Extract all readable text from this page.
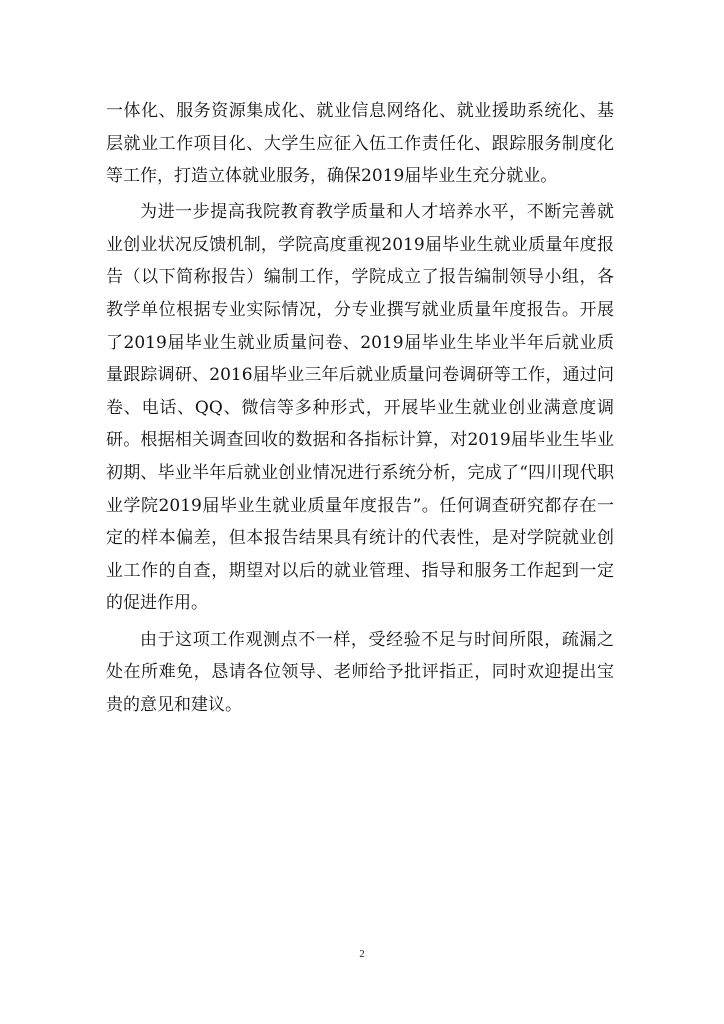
一体化、服务资源集成化、就业信息网络化、就业援助系统化、基层就业工作项目化、大学生应征入伍工作责任化、跟踪服务制度化等工作，打造立体就业服务，确保2019届毕业生充分就业。

为进一步提高我院教育教学质量和人才培养水平，不断完善就业创业状况反馈机制，学院高度重视2019届毕业生就业质量年度报告（以下简称报告）编制工作，学院成立了报告编制领导小组，各教学单位根据专业实际情况，分专业撰写就业质量年度报告。开展了2019届毕业生就业质量问卷、2019届毕业生毕业半年后就业质量跟踪调研、2016届毕业三年后就业质量问卷调研等工作，通过问卷、电话、QQ、微信等多种形式，开展毕业生就业创业满意度调研。根据相关调查回收的数据和各指标计算，对2019届毕业生毕业初期、毕业半年后就业创业情况进行系统分析，完成了“四川现代职业学院2019届毕业生就业质量年度报告”。任何调查研究都存在一定的样本偏差，但本报告结果具有统计的代表性，是对学院就业创业工作的自查，期望对以后的就业管理、指导和服务工作起到一定的促进作用。

由于这项工作观测点不一样，受经验不足与时间所限，疏漏之处在所难免，恳请各位领导、老师给予批评指正，同时欢迎提出宝贵的意见和建议。

2
